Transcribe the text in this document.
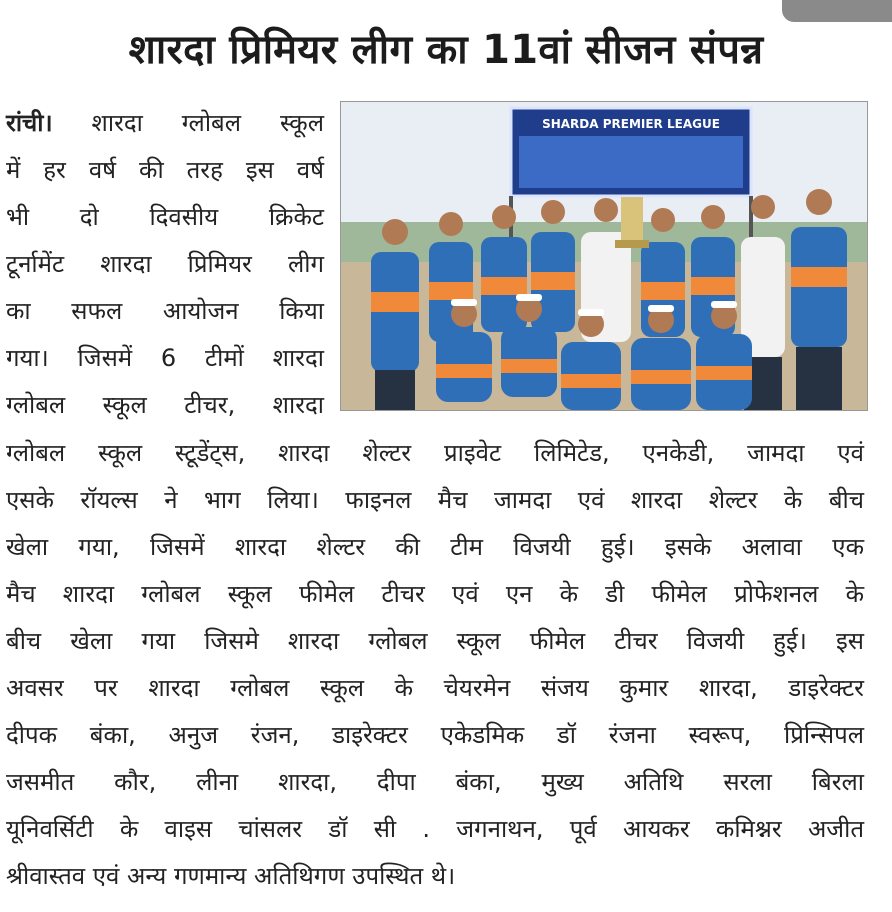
शारदा प्रिमियर लीग का 11वां सीजन संपन्न
रांची। शारदा ग्लोबल स्कूल
में हर वर्ष की तरह इस वर्ष
भी दो दिवसीय क्रिकेट
टूर्नामेंट शारदा प्रिमियर लीग
का सफल आयोजन किया
गया। जिसमें 6 टीमों शारदा
ग्लोबल स्कूल टीचर, शारदा
SHARDA PREMIER LEAGUE
ग्लोबल स्कूल स्टूडेंट्स, शारदा शेल्टर प्राइवेट लिमिटेड, एनकेडी, जामदा एवं
एसके रॉयल्स ने भाग लिया। फाइनल मैच जामदा एवं शारदा शेल्टर के बीच
खेला गया, जिसमें शारदा शेल्टर की टीम विजयी हुई। इसके अलावा एक
मैच शारदा ग्लोबल स्कूल फीमेल टीचर एवं एन के डी फीमेल प्रोफेशनल के
बीच खेला गया जिसमे शारदा ग्लोबल स्कूल फीमेल टीचर विजयी हुई। इस
अवसर पर शारदा ग्लोबल स्कूल के चेयरमेन संजय कुमार शारदा, डाइरेक्टर
दीपक बंका, अनुज रंजन, डाइरेक्टर एकेडमिक डॉ रंजना स्वरूप, प्रिन्सिपल
जसमीत कौर, लीना शारदा, दीपा बंका, मुख्य अतिथि सरला बिरला
यूनिवर्सिटी के वाइस चांसलर डॉ सी . जगनाथन, पूर्व आयकर कमिश्नर अजीत
श्रीवास्तव एवं अन्य गणमान्य अतिथिगण उपस्थित थे।
